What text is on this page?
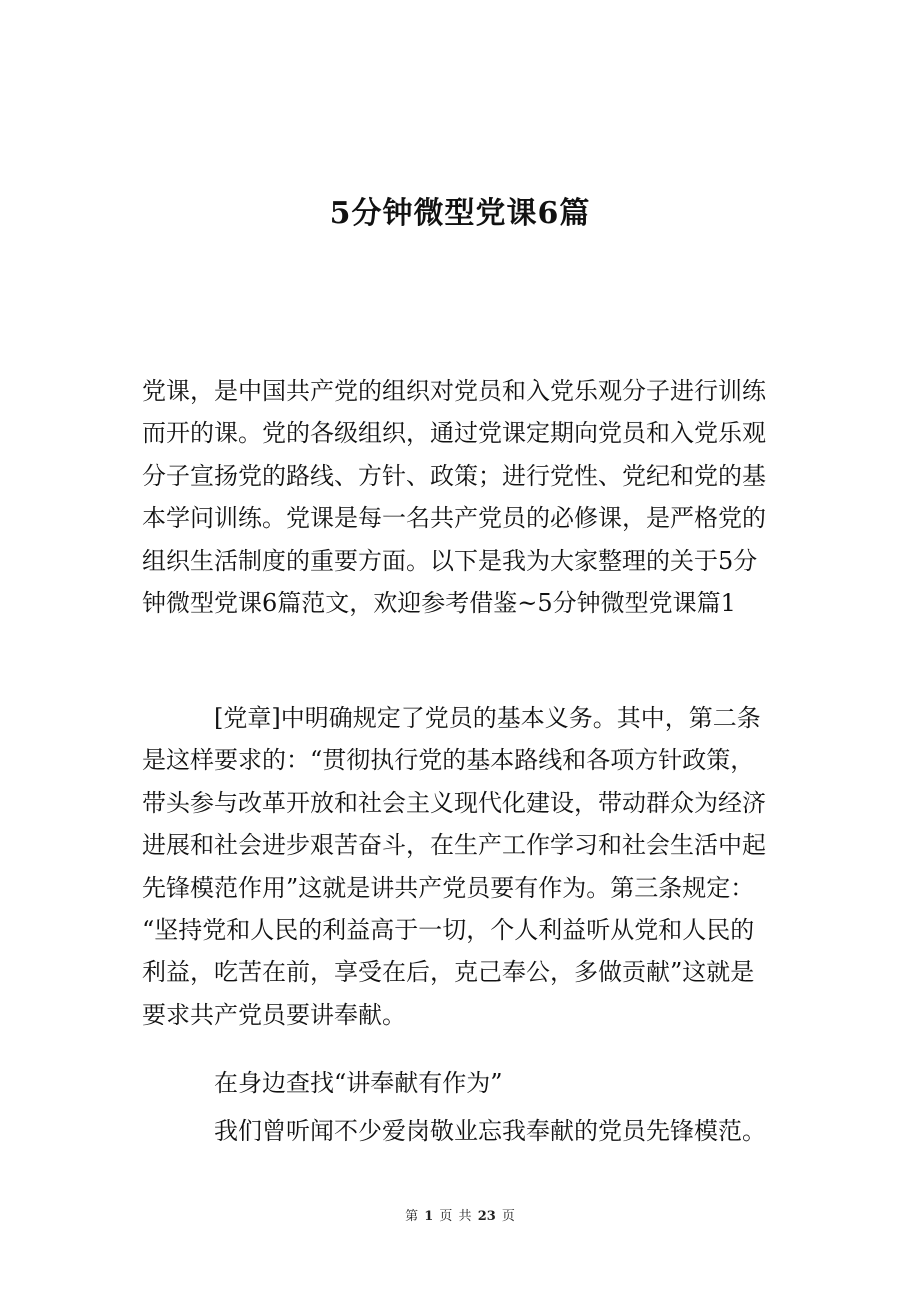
5分钟微型党课6篇
党课，是中国共产党的组织对党员和入党乐观分子进行训练
而开的课。党的各级组织，通过党课定期向党员和入党乐观
分子宣扬党的路线、方针、政策；进行党性、党纪和党的基
本学问训练。党课是每一名共产党员的必修课，是严格党的
组织生活制度的重要方面。以下是我为大家整理的关于5分
钟微型党课6篇范文，欢迎参考借鉴~5分钟微型党课篇1
[党章]中明确规定了党员的基本义务。其中，第二条
是这样要求的：“贯彻执行党的基本路线和各项方针政策，
带头参与改革开放和社会主义现代化建设，带动群众为经济
进展和社会进步艰苦奋斗，在生产工作学习和社会生活中起
先锋模范作用”这就是讲共产党员要有作为。第三条规定：
“坚持党和人民的利益高于一切，个人利益听从党和人民的
利益，吃苦在前，享受在后，克己奉公，多做贡献”这就是
要求共产党员要讲奉献。
在身边查找“讲奉献有作为”
我们曾听闻不少爱岗敬业忘我奉献的党员先锋模范。
第 1 页 共 23 页
